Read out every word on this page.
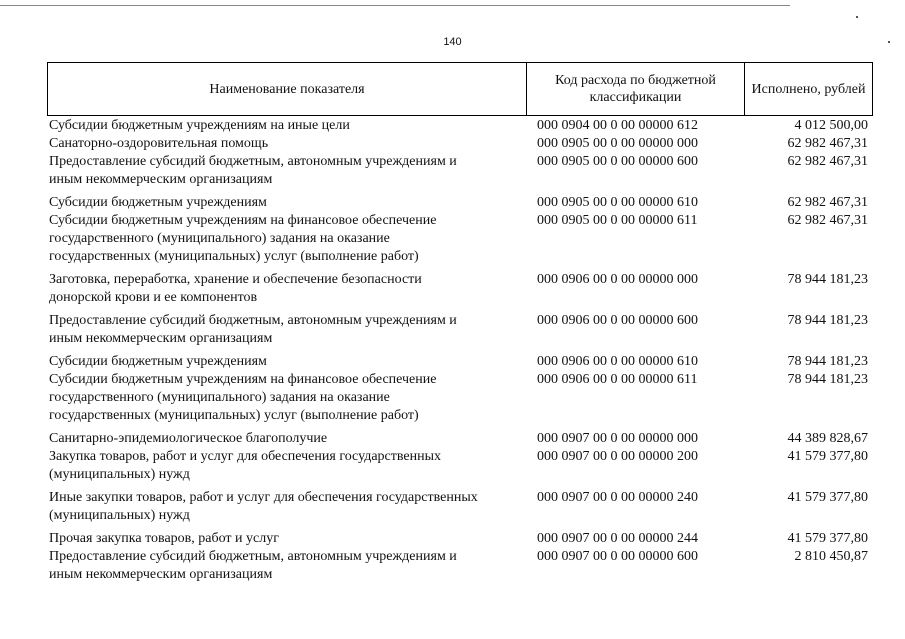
140
Наименование показателя	Код расхода по бюджетной классификации	Исполнено, рублей
Субсидии бюджетным учреждениям на иные цели	000 0904 00 0 00 00000 612	4 012 500,00
Санаторно-оздоровительная помощь	000 0905 00 0 00 00000 000	62 982 467,31
Предоставление субсидий бюджетным, автономным учреждениям и
иным некоммерческим организациям
000 0905 00 0 00 00000 600	62 982 467,31
Субсидии бюджетным учреждениям	000 0905 00 0 00 00000 610	62 982 467,31
Субсидии бюджетным учреждениям на финансовое обеспечение
государственного (муниципального) задания на оказание
государственных (муниципальных) услуг (выполнение работ)
000 0905 00 0 00 00000 611	62 982 467,31
Заготовка, переработка, хранение и обеспечение безопасности
донорской крови и ее компонентов
000 0906 00 0 00 00000 000	78 944 181,23
Предоставление субсидий бюджетным, автономным учреждениям и
иным некоммерческим организациям
000 0906 00 0 00 00000 600	78 944 181,23
Субсидии бюджетным учреждениям	000 0906 00 0 00 00000 610	78 944 181,23
Субсидии бюджетным учреждениям на финансовое обеспечение
государственного (муниципального) задания на оказание
государственных (муниципальных) услуг (выполнение работ)
000 0906 00 0 00 00000 611	78 944 181,23
Санитарно-эпидемиологическое благополучие	000 0907 00 0 00 00000 000	44 389 828,67
Закупка товаров, работ и услуг для обеспечения государственных
(муниципальных) нужд
000 0907 00 0 00 00000 200	41 579 377,80
Иные закупки товаров, работ и услуг для обеспечения государственных
(муниципальных) нужд
000 0907 00 0 00 00000 240	41 579 377,80
Прочая закупка товаров, работ и услуг	000 0907 00 0 00 00000 244	41 579 377,80
Предоставление субсидий бюджетным, автономным учреждениям и
иным некоммерческим организациям
000 0907 00 0 00 00000 600	2 810 450,87
